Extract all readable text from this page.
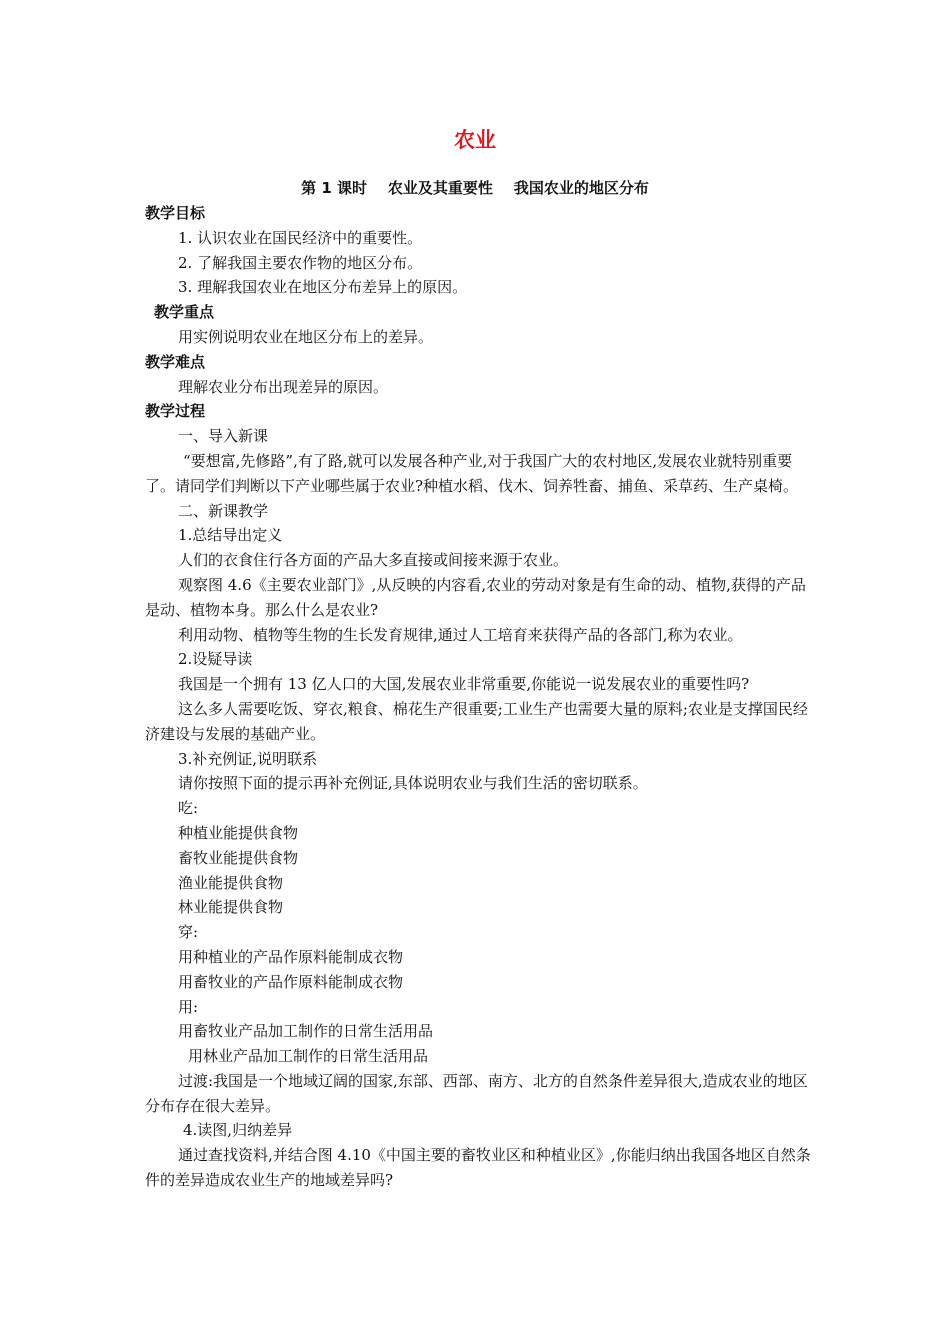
农业
第 1 课时    农业及其重要性    我国农业的地区分布
教学目标
1. 认识农业在国民经济中的重要性。
2. 了解我国主要农作物的地区分布。
3. 理解我国农业在地区分布差异上的原因。
教学重点
用实例说明农业在地区分布上的差异。
教学难点
理解农业分布出现差异的原因。
教学过程
一、导入新课
“要想富,先修路”,有了路,就可以发展各种产业,对于我国广大的农村地区,发展农业就特别重要了。请同学们判断以下产业哪些属于农业?种植水稻、伐木、饲养牲畜、捕鱼、采草药、生产桌椅。
二、新课教学
1.总结导出定义
人们的衣食住行各方面的产品大多直接或间接来源于农业。
观察图 4.6《主要农业部门》,从反映的内容看,农业的劳动对象是有生命的动、植物,获得的产品是动、植物本身。那么什么是农业?
利用动物、植物等生物的生长发育规律,通过人工培育来获得产品的各部门,称为农业。
2.设疑导读
我国是一个拥有 13 亿人口的大国,发展农业非常重要,你能说一说发展农业的重要性吗?
这么多人需要吃饭、穿衣,粮食、棉花生产很重要;工业生产也需要大量的原料;农业是支撑国民经济建设与发展的基础产业。
3.补充例证,说明联系
请你按照下面的提示再补充例证,具体说明农业与我们生活的密切联系。
吃:
种植业能提供食物
畜牧业能提供食物
渔业能提供食物
林业能提供食物
穿:
用种植业的产品作原料能制成衣物
用畜牧业的产品作原料能制成衣物
用:
用畜牧业产品加工制作的日常生活用品
用林业产品加工制作的日常生活用品
过渡:我国是一个地域辽阔的国家,东部、西部、南方、北方的自然条件差异很大,造成农业的地区分布存在很大差异。
4.读图,归纳差异
通过查找资料,并结合图 4.10《中国主要的畜牧业区和种植业区》,你能归纳出我国各地区自然条件的差异造成农业生产的地域差异吗?
